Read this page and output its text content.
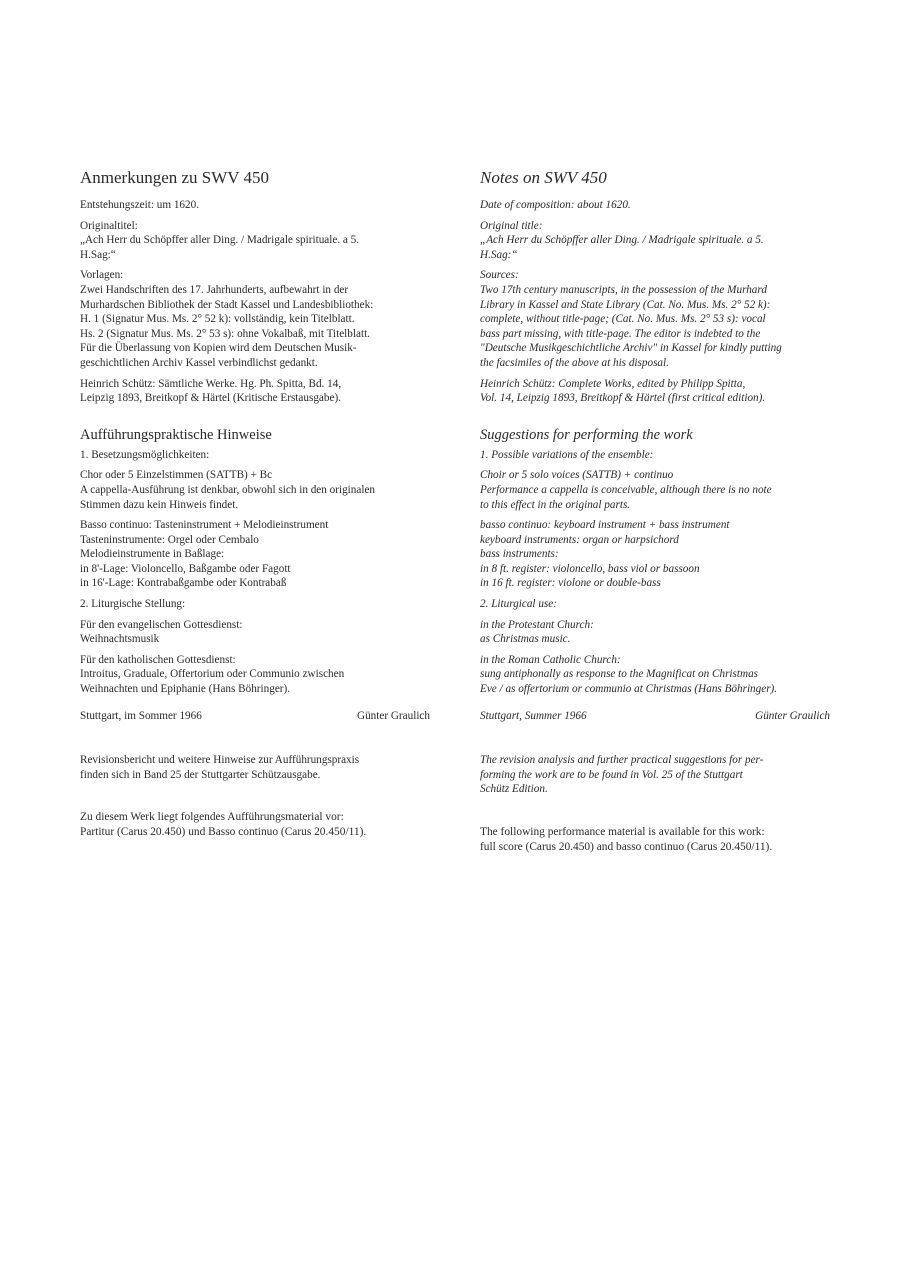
Anmerkungen zu SWV 450
Entstehungszeit: um 1620.
Originaltitel:
„Ach Herr du Schöpffer aller Ding. / Madrigale spirituale. a 5.
H.Sag:“
Vorlagen:
Zwei Handschriften des 17. Jahrhunderts, aufbewahrt in der
Murhardschen Bibliothek der Stadt Kassel und Landesbibliothek:
H. 1 (Signatur Mus. Ms. 2° 52 k): vollständig, kein Titelblatt.
Hs. 2 (Signatur Mus. Ms. 2° 53 s): ohne Vokalbaß, mit Titelblatt.
Für die Überlassung von Kopien wird dem Deutschen Musik-
geschichtlichen Archiv Kassel verbindlichst gedankt.
Heinrich Schütz: Sämtliche Werke. Hg. Ph. Spitta, Bd. 14,
Leipzig 1893, Breitkopf & Härtel (Kritische Erstausgabe).
Aufführungspraktische Hinweise
1. Besetzungsmöglichkeiten:
Chor oder 5 Einzelstimmen (SATTB) + Bc
A cappella-Ausführung ist denkbar, obwohl sich in den originalen
Stimmen dazu kein Hinweis findet.
Basso continuo: Tasteninstrument + Melodieinstrument
Tasteninstrumente: Orgel oder Cembalo
Melodieinstrumente in Baßlage:
in 8'-Lage: Violoncello, Baßgambe oder Fagott
in 16'-Lage: Kontrabaßgambe oder Kontrabaß
2. Liturgische Stellung:
Für den evangelischen Gottesdienst:
Weihnachtsmusik
Für den katholischen Gottesdienst:
Introitus, Graduale, Offertorium oder Communio zwischen
Weihnachten und Epiphanie (Hans Böhringer).
Stuttgart, im Sommer 1966	Günter Graulich
Revisionsbericht und weitere Hinweise zur Aufführungspraxis
finden sich in Band 25 der Stuttgarter Schützausgabe.
Zu diesem Werk liegt folgendes Aufführungsmaterial vor:
Partitur (Carus 20.450) und Basso continuo (Carus 20.450/11).
Notes on SWV 450
Date of composition: about 1620.
Original title:
„Ach Herr du Schöpffer aller Ding. / Madrigale spirituale. a 5.
H.Sag:“
Sources:
Two 17th century manuscripts, in the possession of the Murhard
Library in Kassel and State Library (Cat. No. Mus. Ms. 2° 52 k):
complete, without title-page; (Cat. No. Mus. Ms. 2° 53 s): vocal
bass part missing, with title-page. The editor is indebted to the
"Deutsche Musikgeschichtliche Archiv" in Kassel for kindly putting
the facsimiles of the above at his disposal.
Heinrich Schütz: Complete Works, edited by Philipp Spitta,
Vol. 14, Leipzig 1893, Breitkopf & Härtel (first critical edition).
Suggestions for performing the work
1. Possible variations of the ensemble:
Choir or 5 solo voices (SATTB) + continuo
Performance a cappella is conceivable, although there is no note
to this effect in the original parts.
basso continuo: keyboard instrument + bass instrument
keyboard instruments: organ or harpsichord
bass instruments:
in 8 ft. register: violoncello, bass viol or bassoon
in 16 ft. register: violone or double-bass
2. Liturgical use:
in the Protestant Church:
as Christmas music.
in the Roman Catholic Church:
sung antiphonally as response to the Magnificat on Christmas
Eve / as offertorium or communio at Christmas (Hans Böhringer).
Stuttgart, Summer 1966	Günter Graulich
The revision analysis and further practical suggestions for per-
forming the work are to be found in Vol. 25 of the Stuttgart
Schütz Edition.
The following performance material is available for this work:
full score (Carus 20.450) and basso continuo (Carus 20.450/11).
